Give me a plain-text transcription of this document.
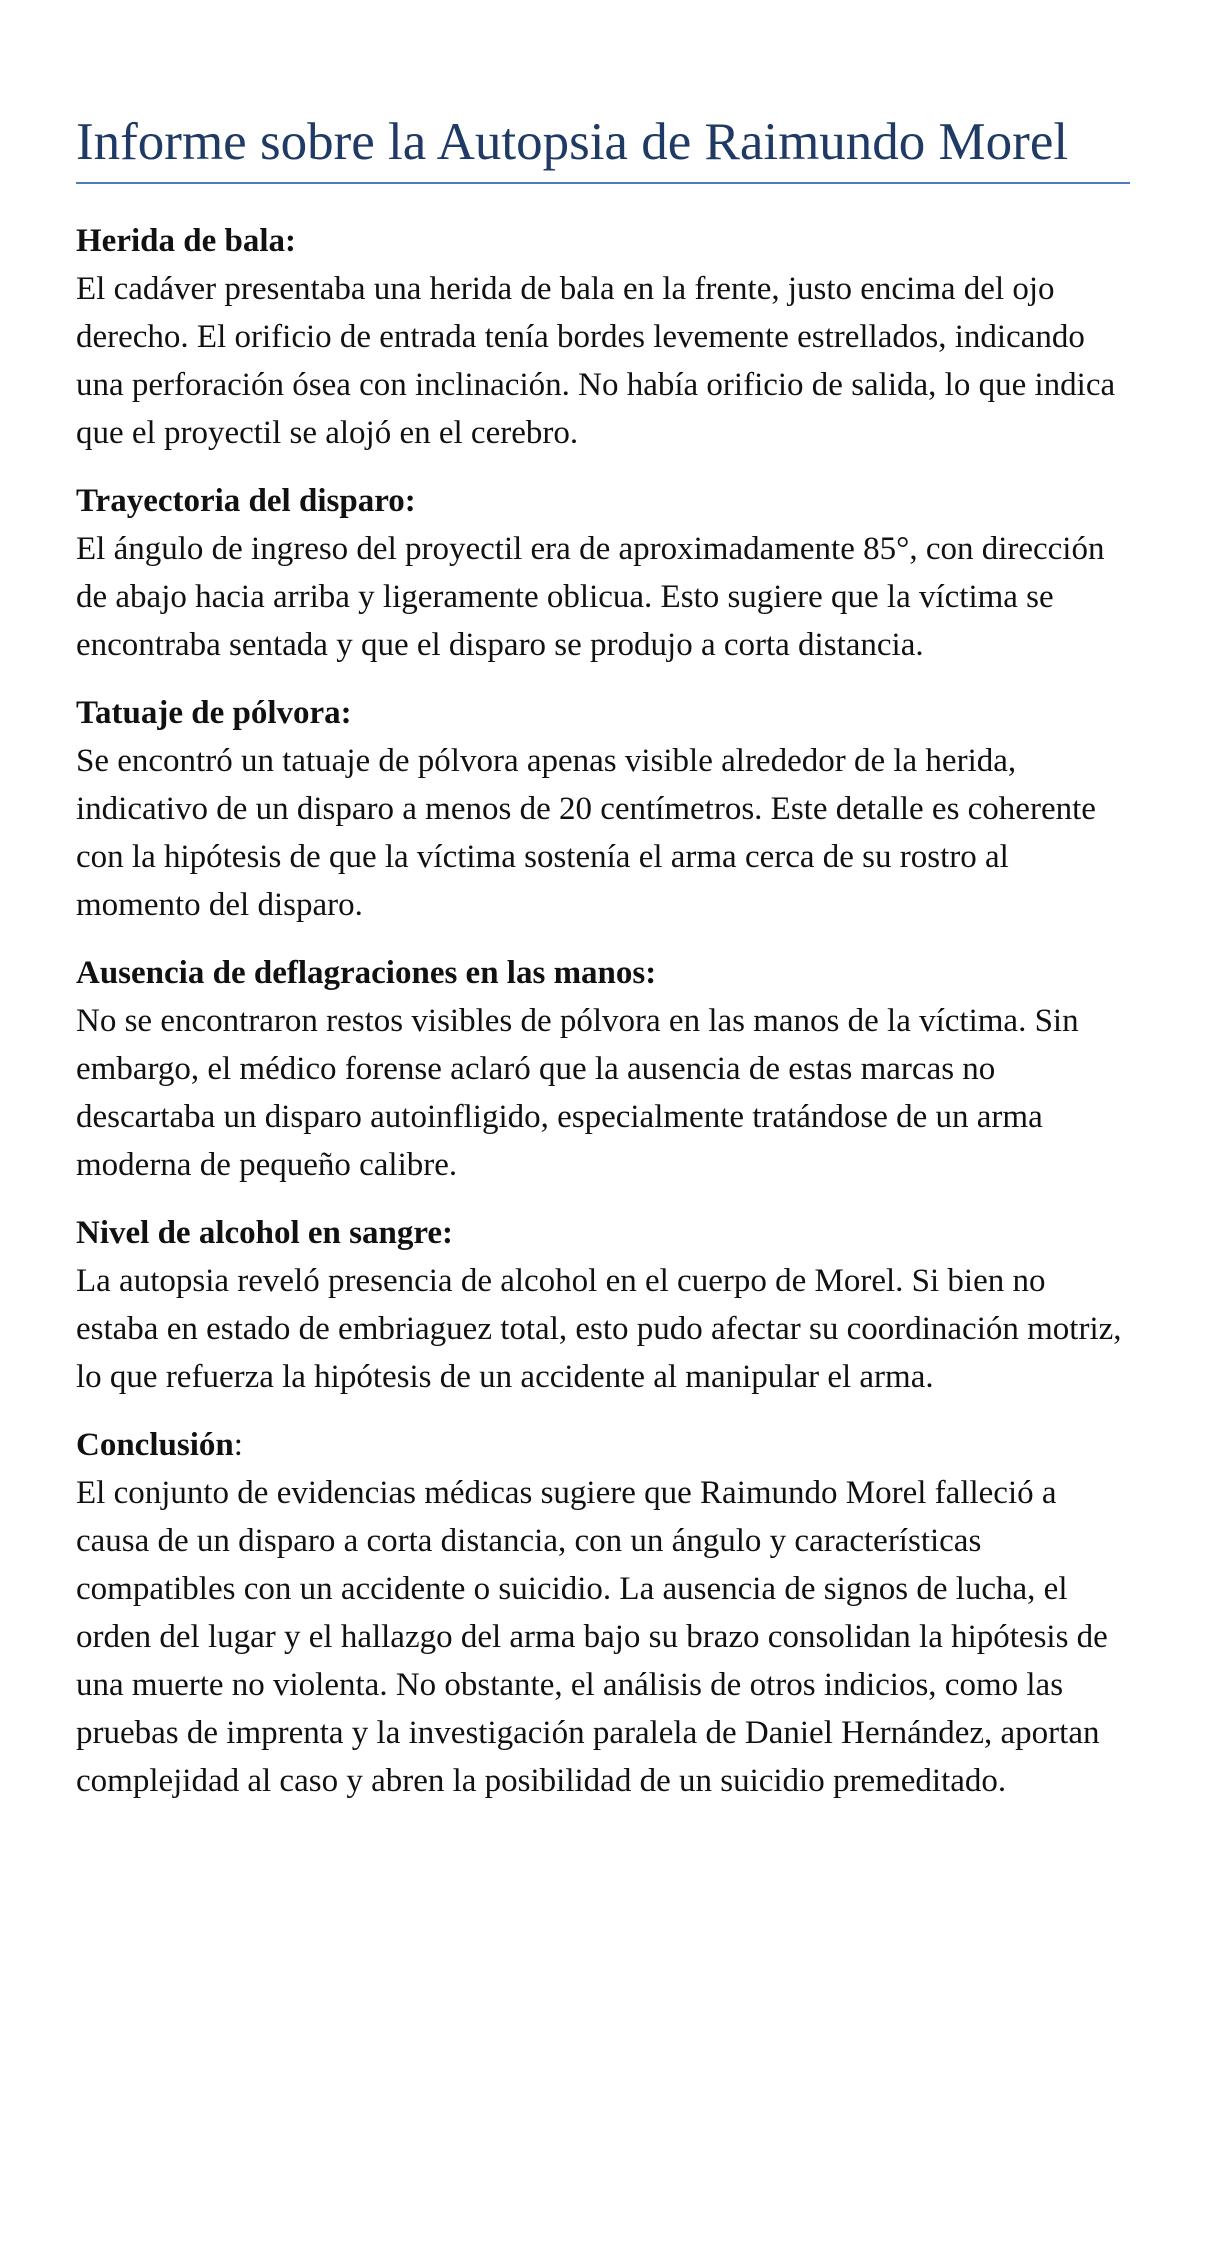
Informe sobre la Autopsia de Raimundo Morel
Herida de bala:

El cadáver presentaba una herida de bala en la frente, justo encima del ojo derecho. El orificio de entrada tenía bordes levemente estrellados, indicando una perforación ósea con inclinación. No había orificio de salida, lo que indica que el proyectil se alojó en el cerebro.

Trayectoria del disparo:

El ángulo de ingreso del proyectil era de aproximadamente 85°, con dirección de abajo hacia arriba y ligeramente oblicua. Esto sugiere que la víctima se encontraba sentada y que el disparo se produjo a corta distancia.

Tatuaje de pólvora:

Se encontró un tatuaje de pólvora apenas visible alrededor de la herida, indicativo de un disparo a menos de 20 centímetros. Este detalle es coherente con la hipótesis de que la víctima sostenía el arma cerca de su rostro al momento del disparo.

Ausencia de deflagraciones en las manos:

No se encontraron restos visibles de pólvora en las manos de la víctima. Sin embargo, el médico forense aclaró que la ausencia de estas marcas no descartaba un disparo autoinfligido, especialmente tratándose de un arma moderna de pequeño calibre.

Nivel de alcohol en sangre:

La autopsia reveló presencia de alcohol en el cuerpo de Morel. Si bien no estaba en estado de embriaguez total, esto pudo afectar su coordinación motriz, lo que refuerza la hipótesis de un accidente al manipular el arma.

Conclusión:

El conjunto de evidencias médicas sugiere que Raimundo Morel falleció a causa de un disparo a corta distancia, con un ángulo y características compatibles con un accidente o suicidio. La ausencia de signos de lucha, el orden del lugar y el hallazgo del arma bajo su brazo consolidan la hipótesis de una muerte no violenta. No obstante, el análisis de otros indicios, como las pruebas de imprenta y la investigación paralela de Daniel Hernández, aportan complejidad al caso y abren la posibilidad de un suicidio premeditado.
